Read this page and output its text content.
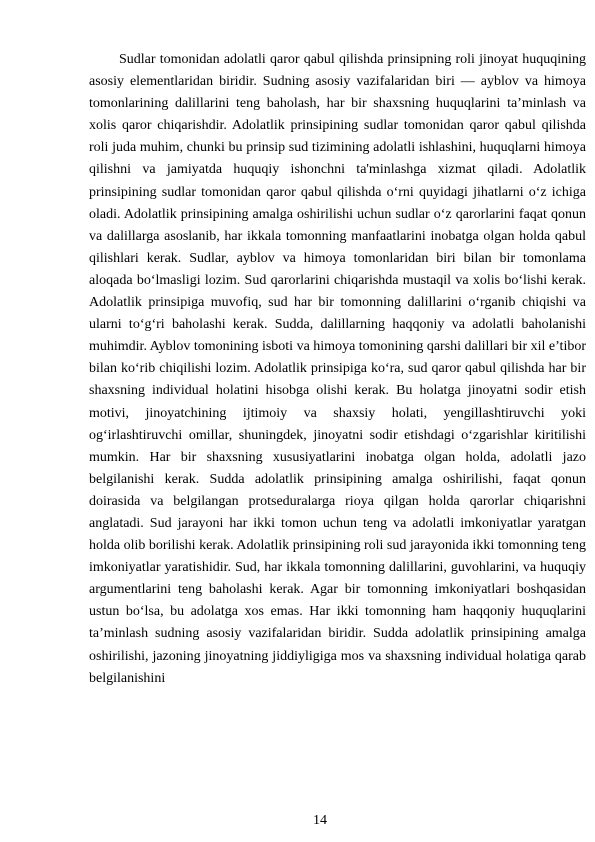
Sudlar tomonidan adolatli qaror qabul qilishda prinsipning roli jinoyat huquqining asosiy elementlaridan biridir. Sudning asosiy vazifalaridan biri — ayblov va himoya tomonlarining dalillarini teng baholash, har bir shaxsning huquqlarini ta’minlash va xolis qaror chiqarishdir. Adolatlik prinsipining sudlar tomonidan qaror qabul qilishda roli juda muhim, chunki bu prinsip sud tizimining adolatli ishlashini, huquqlarni himoya qilishni va jamiyatda huquqiy ishonchni ta'minlashga xizmat qiladi. Adolatlik prinsipining sudlar tomonidan qaror qabul qilishda o‘rni quyidagi jihatlarni o‘z ichiga oladi. Adolatlik prinsipining amalga oshirilishi uchun sudlar o‘z qarorlarini faqat qonun va dalillarga asoslanib, har ikkala tomonning manfaatlarini inobatga olgan holda qabul qilishlari kerak. Sudlar, ayblov va himoya tomonlaridan biri bilan bir tomonlama aloqada bo‘lmasligi lozim. Sud qarorlarini chiqarishda mustaqil va xolis bo‘lishi kerak. Adolatlik prinsipiga muvofiq, sud har bir tomonning dalillarini o‘rganib chiqishi va ularni to‘g‘ri baholashi kerak. Sudda, dalillarning haqqoniy va adolatli baholanishi muhimdir. Ayblov tomonining isboti va himoya tomonining qarshi dalillari bir xil e’tibor bilan ko‘rib chiqilishi lozim. Adolatlik prinsipiga ko‘ra, sud qaror qabul qilishda har bir shaxsning individual holatini hisobga olishi kerak. Bu holatga jinoyatni sodir etish motivi, jinoyatchining ijtimoiy va shaxsiy holati, yengillashtiruvchi yoki og‘irlashtiruvchi omillar, shuningdek, jinoyatni sodir etishdagi o‘zgarishlar kiritilishi mumkin. Har bir shaxsning xususiyatlarini inobatga olgan holda, adolatli jazo belgilanishi kerak. Sudda adolatlik prinsipining amalga oshirilishi, faqat qonun doirasida va belgilangan protseduralarga rioya qilgan holda qarorlar chiqarishni anglatadi. Sud jarayoni har ikki tomon uchun teng va adolatli imkoniyatlar yaratgan holda olib borilishi kerak. Adolatlik prinsipining roli sud jarayonida ikki tomonning teng imkoniyatlar yaratishidir. Sud, har ikkala tomonning dalillarini, guvohlarini, va huquqiy argumentlarini teng baholashi kerak. Agar bir tomonning imkoniyatlari boshqasidan ustun bo‘lsa, bu adolatga xos emas. Har ikki tomonning ham haqqoniy huquqlarini ta’minlash sudning asosiy vazifalaridan biridir. Sudda adolatlik prinsipining amalga oshirilishi, jazoning jinoyatning jiddiyligiga mos va shaxsning individual holatiga qarab belgilanishini

14
